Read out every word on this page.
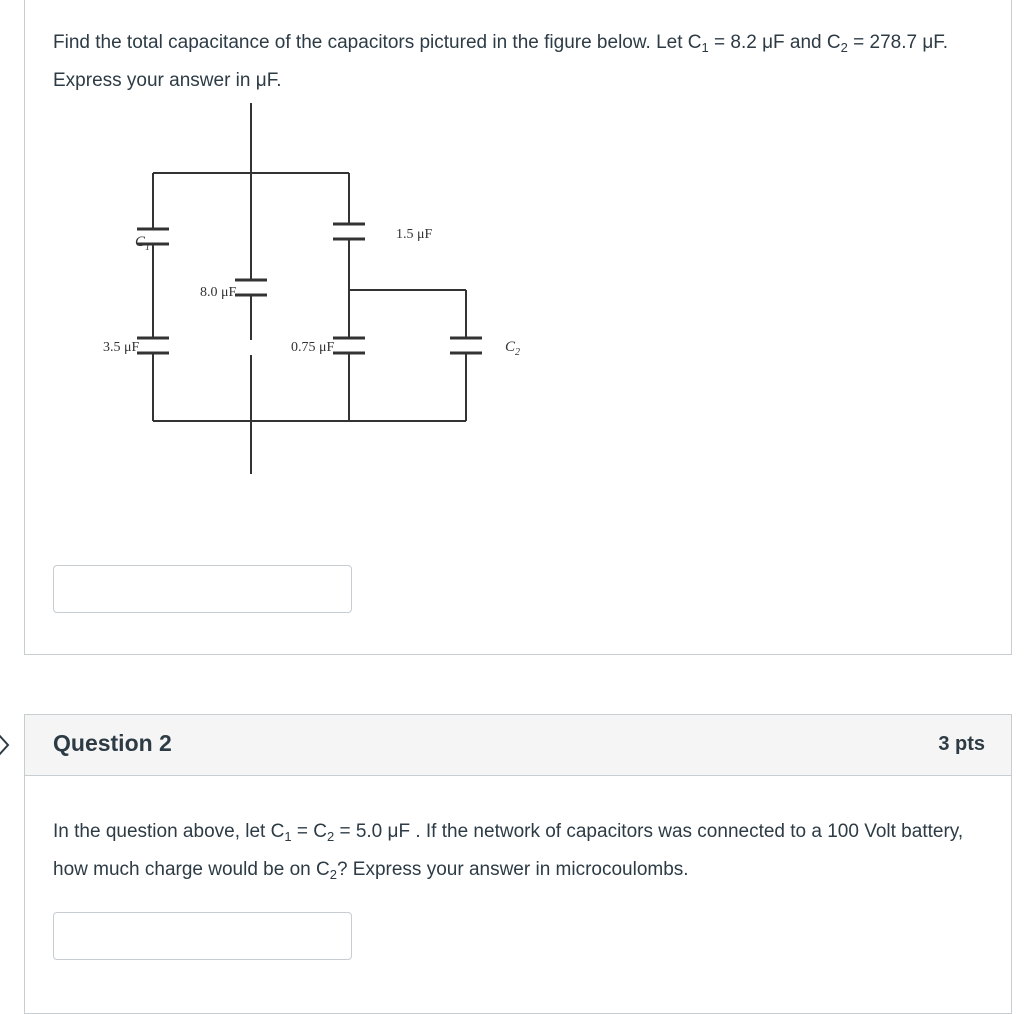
Find the total capacitance of the capacitors pictured in the figure below. Let $C_1 = 8.2$ μF and $C_2 = 278.7$ μF. Express your answer in μF.
$C_1$
3.5 μF
8.0 μF
0.75 μF
1.5 μF
$C_2$
Question 2	3 pts
In the question above, let $C_1 = C_2 = 5.0$ μF . If the network of capacitors was connected to a 100 Volt battery, how much charge would be on $C_2$? Express your answer in microcoulombs.
